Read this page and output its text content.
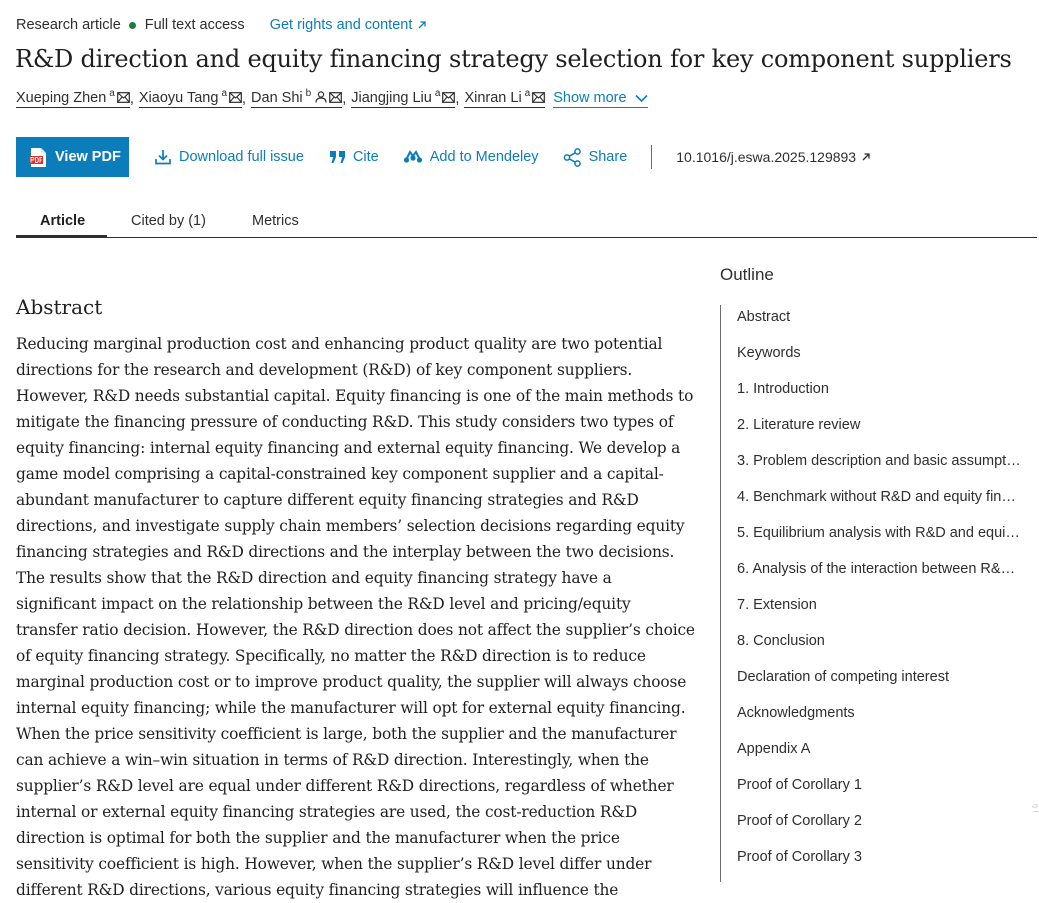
Research article Full text access Get rights and content
R&D direction and equity financing strategy selection for key component suppliers
Xueping Zhen $^a$ , Xiaoyu Tang $^a$ , Dan Shi $^b$ , Jiangjing Liu $^a$ , Xinran Li $^a$ Show more
View PDF	Download full issue	Cite	Add to Mendeley	Share	10.1016/j.eswa.2025.129893
Article	Cited by (1)	Metrics
Abstract
Reducing marginal production cost and enhancing product quality are two potential directions for the research and development (R&D) of key component suppliers. However, R&D needs substantial capital. Equity financing is one of the main methods to mitigate the financing pressure of conducting R&D. This study considers two types of equity financing: internal equity financing and external equity financing. We develop a game model comprising a capital-constrained key component supplier and a capital- abundant manufacturer to capture different equity financing strategies and R&D directions, and investigate supply chain members’ selection decisions regarding equity financing strategies and R&D directions and the interplay between the two decisions. The results show that the R&D direction and equity financing strategy have a significant impact on the relationship between the R&D level and pricing/equity transfer ratio decision. However, the R&D direction does not affect the supplier’s choice of equity financing strategy. Specifically, no matter the R&D direction is to reduce marginal production cost or to improve product quality, the supplier will always choose internal equity financing; while the manufacturer will opt for external equity financing. When the price sensitivity coefficient is large, both the supplier and the manufacturer can achieve a win–win situation in terms of R&D direction. Interestingly, when the supplier’s R&D level are equal under different R&D directions, regardless of whether internal or external equity financing strategies are used, the cost-reduction R&D direction is optimal for both the supplier and the manufacturer when the price sensitivity coefficient is high. However, when the supplier’s R&D level differ under different R&D directions, various equity financing strategies will influence the
Outline
Abstract
Keywords
1. Introduction
2. Literature review
3. Problem description and basic assumpt…
4. Benchmark without R&D and equity fin…
5. Equilibrium analysis with R&D and equi…
6. Analysis of the interaction between R&…
7. Extension
8. Conclusion
Declaration of competing interest
Acknowledgments
Appendix A
Proof of Corollary 1
Proof of Corollary 2
Proof of Corollary 3
ᵑ ᵗ
